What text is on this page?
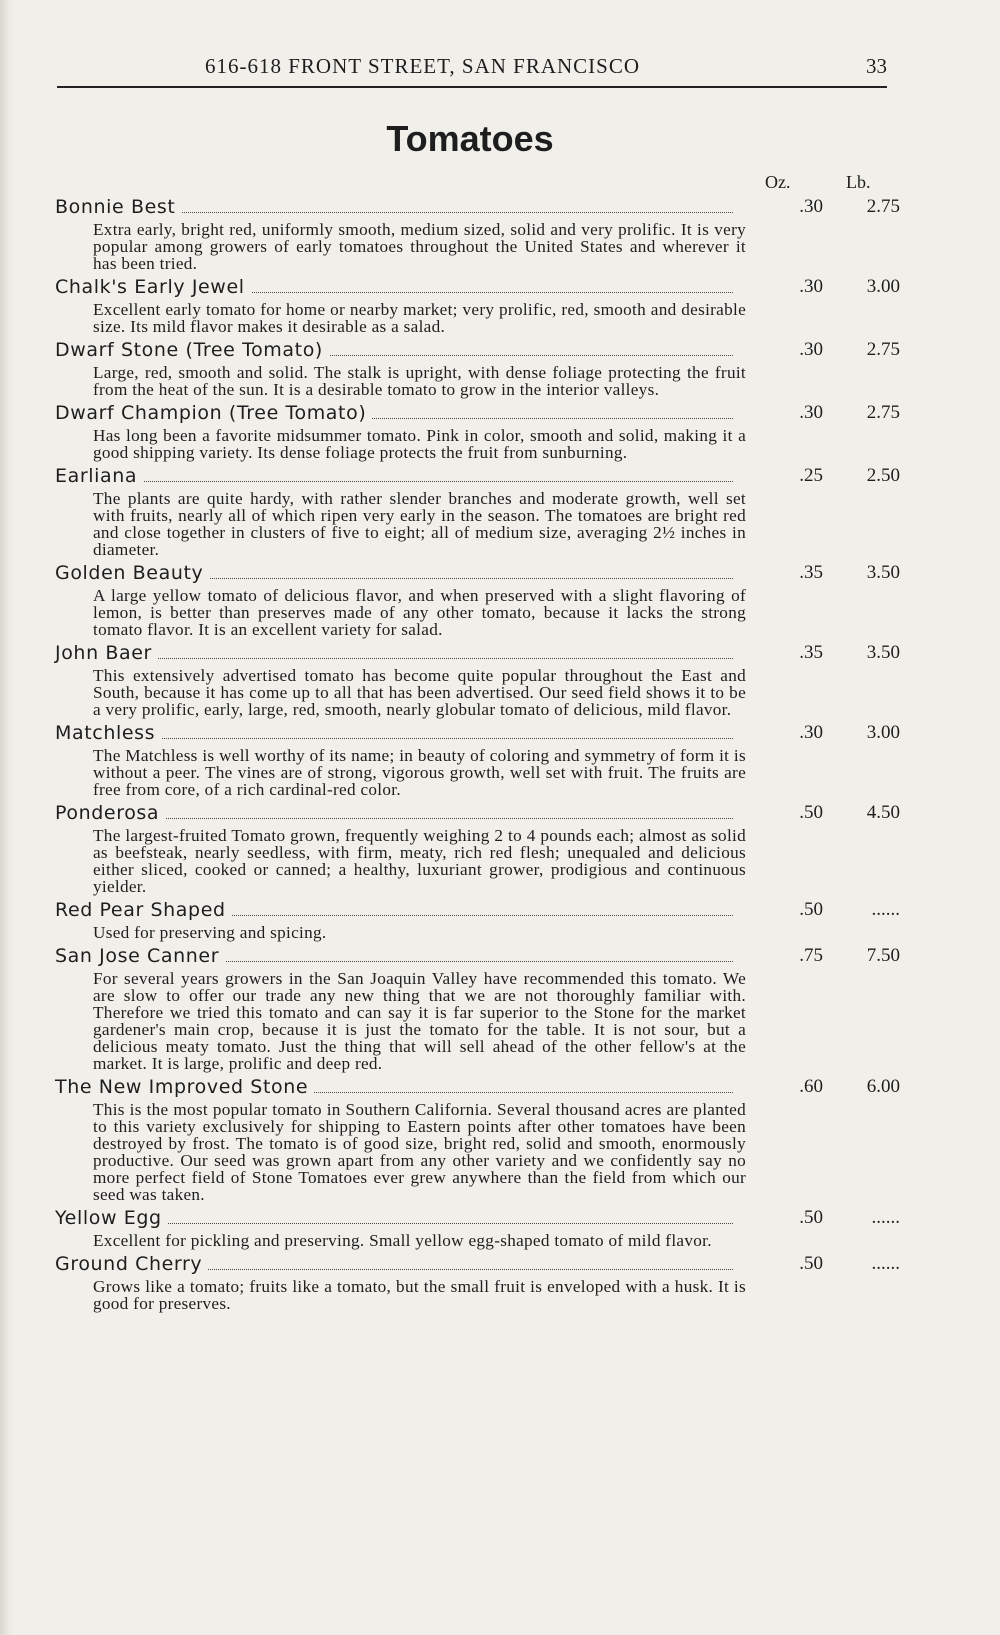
616-618 FRONT STREET, SAN FRANCISCO	33
Tomatoes
Oz.	Lb.
Bonnie Best	.30	2.75
Extra early, bright red, uniformly smooth, medium sized, solid and very prolific. It is very popular among growers of early tomatoes throughout the United States and wherever it has been tried.
Chalk's Early Jewel	.30	3.00
Excellent early tomato for home or nearby market; very prolific, red, smooth and desirable size. Its mild flavor makes it desirable as a salad.
Dwarf Stone (Tree Tomato)	.30	2.75
Large, red, smooth and solid. The stalk is upright, with dense foliage protecting the fruit from the heat of the sun. It is a desirable tomato to grow in the interior valleys.
Dwarf Champion (Tree Tomato)	.30	2.75
Has long been a favorite midsummer tomato. Pink in color, smooth and solid, making it a good shipping variety. Its dense foliage protects the fruit from sunburning.
Earliana	.25	2.50
The plants are quite hardy, with rather slender branches and moderate growth, well set with fruits, nearly all of which ripen very early in the season. The tomatoes are bright red and close together in clusters of five to eight; all of medium size, averaging 2½ inches in diameter.
Golden Beauty	.35	3.50
A large yellow tomato of delicious flavor, and when preserved with a slight flavoring of lemon, is better than preserves made of any other tomato, because it lacks the strong tomato flavor. It is an excellent variety for salad.
John Baer	.35	3.50
This extensively advertised tomato has become quite popular throughout the East and South, because it has come up to all that has been advertised. Our seed field shows it to be a very prolific, early, large, red, smooth, nearly globular tomato of delicious, mild flavor.
Matchless	.30	3.00
The Matchless is well worthy of its name; in beauty of coloring and symmetry of form it is without a peer. The vines are of strong, vigorous growth, well set with fruit. The fruits are free from core, of a rich cardinal-red color.
Ponderosa	.50	4.50
The largest-fruited Tomato grown, frequently weighing 2 to 4 pounds each; almost as solid as beefsteak, nearly seedless, with firm, meaty, rich red flesh; unequaled and delicious either sliced, cooked or canned; a healthy, luxuriant grower, prodigious and continuous yielder.
Red Pear Shaped	.50	......
Used for preserving and spicing.
San Jose Canner	.75	7.50
For several years growers in the San Joaquin Valley have recommended this tomato. We are slow to offer our trade any new thing that we are not thoroughly familiar with. Therefore we tried this tomato and can say it is far superior to the Stone for the market gardener's main crop, because it is just the tomato for the table. It is not sour, but a delicious meaty tomato. Just the thing that will sell ahead of the other fellow's at the market. It is large, prolific and deep red.
The New Improved Stone	.60	6.00
This is the most popular tomato in Southern California. Several thousand acres are planted to this variety exclusively for shipping to Eastern points after other tomatoes have been destroyed by frost. The tomato is of good size, bright red, solid and smooth, enormously productive. Our seed was grown apart from any other variety and we confidently say no more perfect field of Stone Tomatoes ever grew anywhere than the field from which our seed was taken.
Yellow Egg	.50	......
Excellent for pickling and preserving. Small yellow egg-shaped tomato of mild flavor.
Ground Cherry	.50	......
Grows like a tomato; fruits like a tomato, but the small fruit is enveloped with a husk. It is good for preserves.
